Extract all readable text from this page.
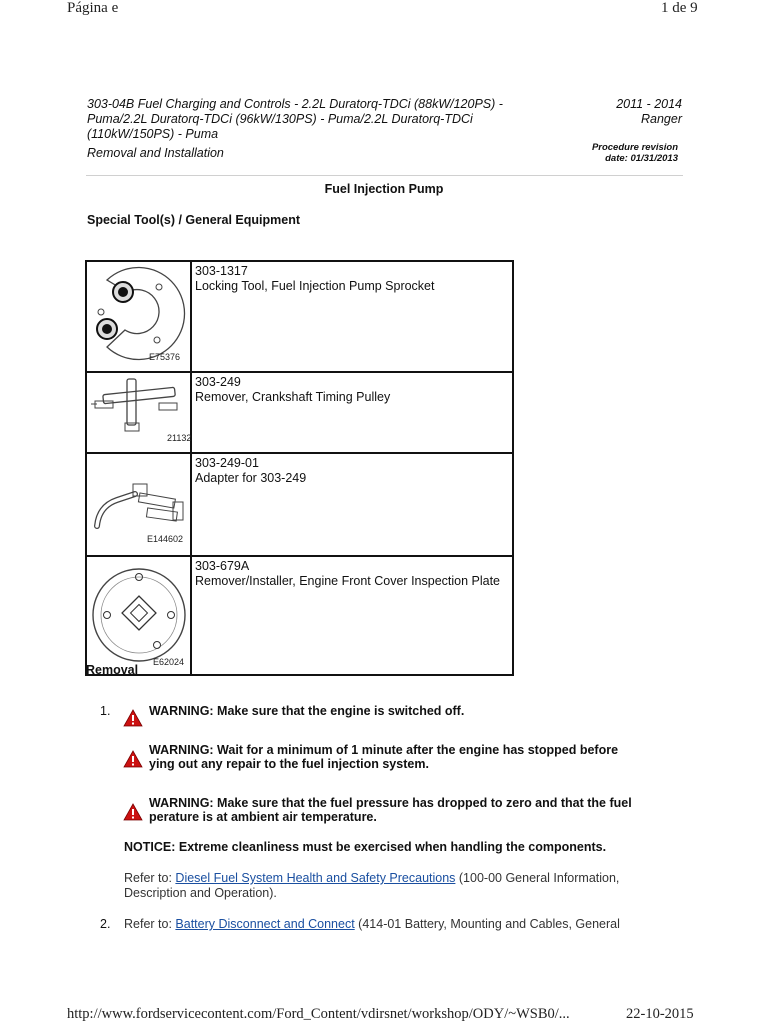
Página e	1 de 9
303-04B Fuel Charging and Controls - 2.2L Duratorq-TDCi (88kW/120PS) -
Puma/2.2L Duratorq-TDCi (96kW/130PS) - Puma/2.2L Duratorq-TDCi
(110kW/150PS) - Puma
2011 - 2014
Ranger
Removal and Installation	Procedure revision
date: 01/31/2013
Fuel Injection Pump
Special Tool(s) / General Equipment
E75376	303-1317
Locking Tool, Fuel Injection Pump Sprocket

21132	303-249
Remover, Crankshaft Timing Pulley

E144602	303-249-01
Adapter for 303-249

E62024	303-679A
Remover/Installer, Engine Front Cover Inspection Plate
Removal
1.	WARNING: Make sure that the engine is switched off.
WARNING: Wait for a minimum of 1 minute after the engine has stopped before
ying out any repair to the fuel injection system.
WARNING: Make sure that the fuel pressure has dropped to zero and that the fuel
perature is at ambient air temperature.
NOTICE: Extreme cleanliness must be exercised when handling the components.
Refer to: Diesel Fuel System Health and Safety Precautions (100-00 General Information,
Description and Operation).
2. Refer to: Battery Disconnect and Connect (414-01 Battery, Mounting and Cables, General
http://www.fordservicecontent.com/Ford_Content/vdirsnet/workshop/ODY/~WSB0/...	22-10-2015
